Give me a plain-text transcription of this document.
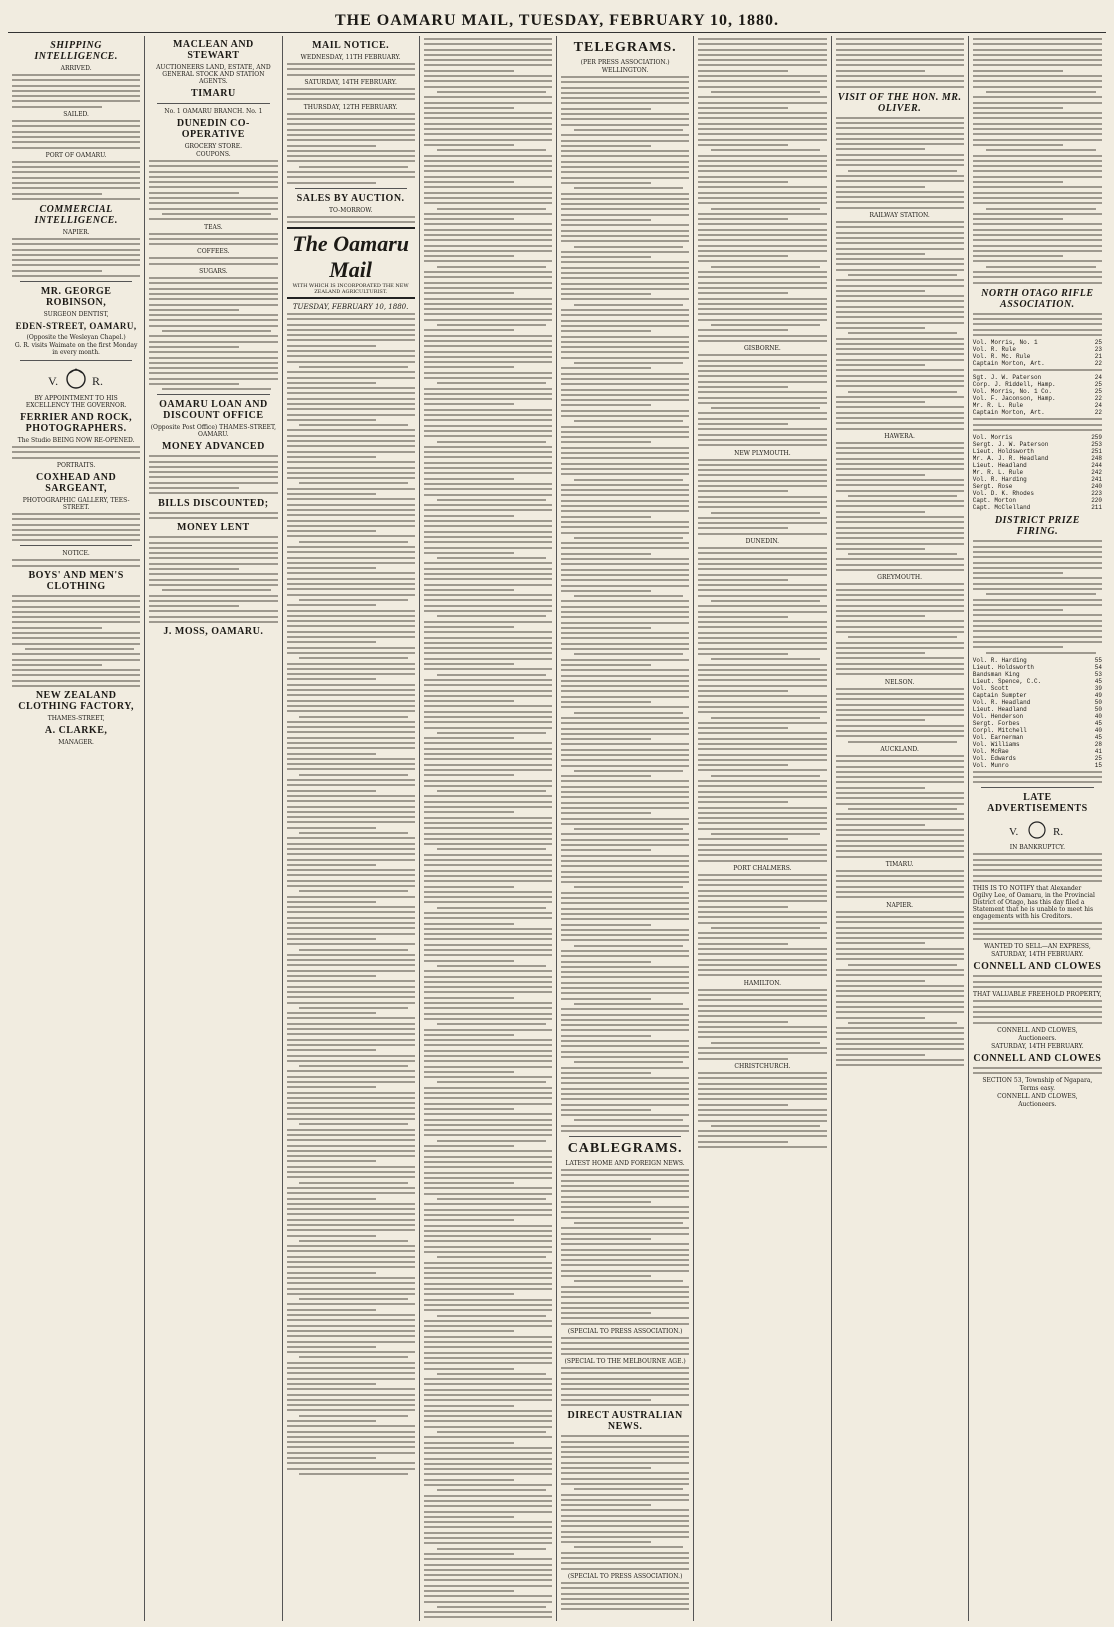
THE OAMARU MAIL, TUESDAY, FEBRUARY 10, 1880.
SHIPPING INTELLIGENCE.
ARRIVED.
SAILED.
PORT OF OAMARU.
COMMERCIAL INTELLIGENCE.
NAPIER.
MR. GEORGE ROBINSON,
SURGEON DENTIST,
EDEN-STREET, OAMARU,
(Opposite the Wesleyan Chapel.)
G. R. visits Waimate on the first Monday in every month.
V.	R.
BY APPOINTMENT TO HIS EXCELLENCY THE GOVERNOR.
FERRIER AND ROCK, PHOTOGRAPHERS.
The Studio BEING NOW RE-OPENED.
PORTRAITS.
COXHEAD AND SARGEANT,
PHOTOGRAPHIC GALLERY, TEES-STREET.
NOTICE.
BOYS' AND MEN'S CLOTHING
NEW ZEALAND CLOTHING FACTORY,
THAMES-STREET,
A. CLARKE,
MANAGER.
MACLEAN AND STEWART
AUCTIONEERS LAND, ESTATE, AND GENERAL STOCK AND STATION AGENTS.
TIMARU
No. 1 OAMARU BRANCH. No. 1
DUNEDIN CO-OPERATIVE
GROCERY STORE.
COUPONS.
TEAS.
COFFEES.
SUGARS.
OAMARU LOAN AND DISCOUNT OFFICE
(Opposite Post Office) THAMES-STREET, OAMARU.
MONEY ADVANCED
BILLS DISCOUNTED;
MONEY LENT
J. MOSS, OAMARU.
MAIL NOTICE.
WEDNESDAY, 11TH FEBRUARY.
SATURDAY, 14TH FEBRUARY.
THURSDAY, 12TH FEBRUARY.
SALES BY AUCTION.
TO-MORROW.
The Oamaru Mail
WITH WHICH IS INCORPORATED THE NEW ZEALAND AGRICULTURIST.
TUESDAY, FEBRUARY 10, 1880.
TELEGRAMS.
(PER PRESS ASSOCIATION.)
WELLINGTON.
CABLEGRAMS.
LATEST HOME AND FOREIGN NEWS.
(SPECIAL TO PRESS ASSOCIATION.)
(SPECIAL TO THE MELBOURNE AGE.)
DIRECT AUSTRALIAN NEWS.
(SPECIAL TO PRESS ASSOCIATION.)
GISBORNE.
NEW PLYMOUTH.
DUNEDIN.
PORT CHALMERS.
HAMILTON.
CHRISTCHURCH.
VISIT OF THE HON. MR. OLIVER.
RAILWAY STATION.
HAWERA.
GREYMOUTH.
NELSON.
AUCKLAND.
TIMARU.
NAPIER.
NORTH OTAGO RIFLE ASSOCIATION.
Vol. Morris, No. 1	25
Vol. R. Rule	23
Vol. R. Mc. Rule	21
Captain Morton, Art.	22
Sgt. J. W. Paterson	24
Corp. J. Riddell, Hamp.	25
Vol. Morris, No. 1 Co.	25
Vol. F. Jaconson, Hamp.	22
Mr. R. L. Rule	24
Captain Morton, Art.	22
Vol. Morris	259
Sergt. J. W. Paterson	253
Lieut. Holdsworth	251
Mr. A. J. R. Headland	248
Lieut. Headland	244
Mr. R. L. Rule	242
Vol. R. Harding	241
Sergt. Rose	240
Vol. D. K. Rhodes	223
Capt. Morton	220
Capt. McClelland	211
DISTRICT PRIZE FIRING.
Vol. R. Harding	55
Lieut. Holdsworth	54
Bandsman King	53
Lieut. Spence, C.C.	45
Vol. Scott	39
Captain Sumpter	49
Vol. R. Headland	50
Lieut. Headland	50
Vol. Henderson	40
Sergt. Forbes	45
Corpl. Mitchell	40
Vol. Earnerman	45
Vol. Williams	28
Vol. McRae	41
Vol. Edwards	25
Vol. Munro	15
LATE ADVERTISEMENTS
V.	R.
IN BANKRUPTCY.
THIS IS TO NOTIFY that Alexander Ogilvy Lee, of Oamaru, in the Provincial District of Otago, has this day filed a Statement that he is unable to meet his engagements with his Creditors.
WANTED TO SELL—AN EXPRESS,
SATURDAY, 14TH FEBRUARY.
CONNELL AND CLOWES
THAT VALUABLE FREEHOLD PROPERTY,
CONNELL AND CLOWES,
Auctioneers.
SATURDAY, 14TH FEBRUARY.
CONNELL AND CLOWES
SECTION 53, Township of Ngapara,
Terms easy.
CONNELL AND CLOWES,
Auctioneers.
